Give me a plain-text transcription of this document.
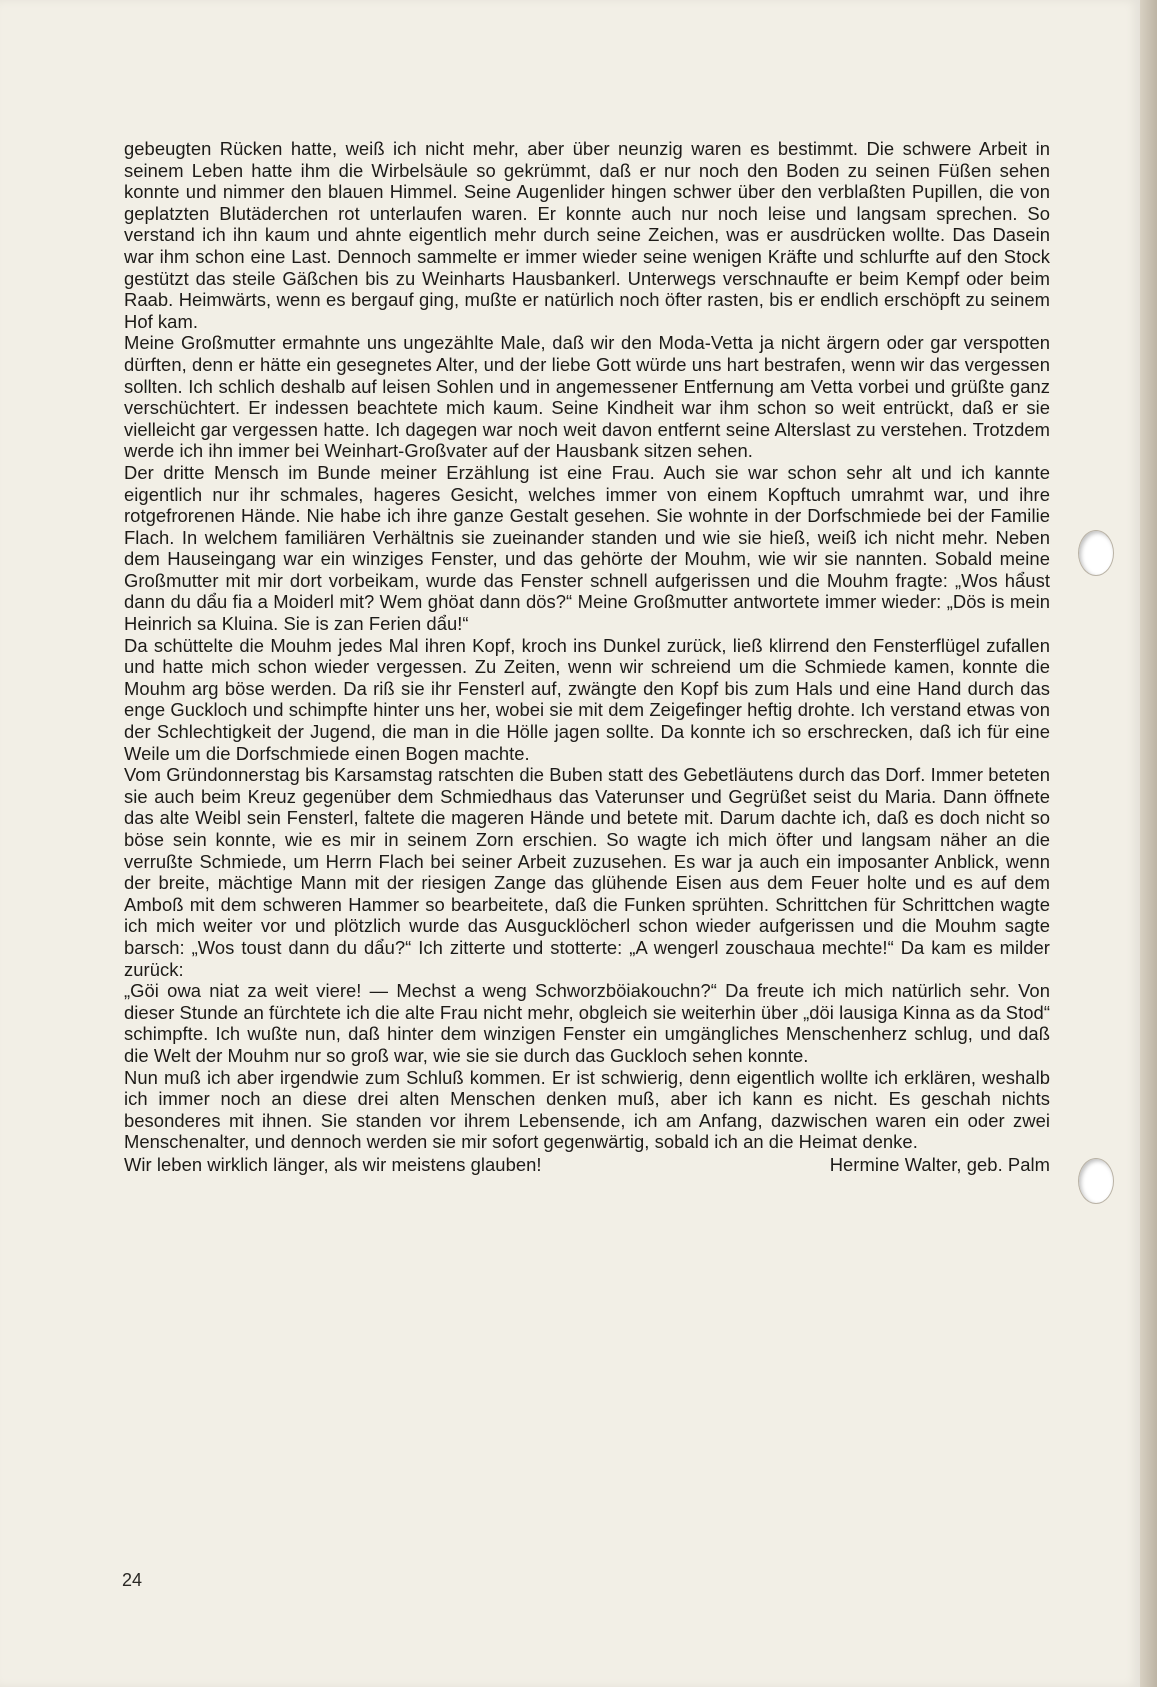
gebeugten Rücken hatte, weiß ich nicht mehr, aber über neunzig waren es bestimmt. Die schwere Arbeit in seinem Leben hatte ihm die Wirbelsäule so gekrümmt, daß er nur noch den Boden zu seinen Füßen sehen konnte und nimmer den blauen Himmel. Seine Augenlider hingen schwer über den verblaßten Pupillen, die von geplatzten Blutäderchen rot unterlaufen waren. Er konnte auch nur noch leise und langsam sprechen. So verstand ich ihn kaum und ahnte eigentlich mehr durch seine Zeichen, was er ausdrücken wollte. Das Dasein war ihm schon eine Last. Dennoch sammelte er immer wieder seine wenigen Kräfte und schlurfte auf den Stock gestützt das steile Gäßchen bis zu Weinharts Hausbankerl. Unterwegs verschnaufte er beim Kempf oder beim Raab. Heimwärts, wenn es bergauf ging, mußte er natürlich noch öfter rasten, bis er endlich erschöpft zu seinem Hof kam.

Meine Großmutter ermahnte uns ungezählte Male, daß wir den Moda-Vetta ja nicht ärgern oder gar verspotten dürften, denn er hätte ein gesegnetes Alter, und der liebe Gott würde uns hart bestrafen, wenn wir das vergessen sollten. Ich schlich deshalb auf leisen Sohlen und in angemessener Entfernung am Vetta vorbei und grüßte ganz verschüchtert. Er indessen beachtete mich kaum. Seine Kindheit war ihm schon so weit entrückt, daß er sie vielleicht gar vergessen hatte. Ich dagegen war noch weit davon entfernt seine Alterslast zu verstehen. Trotzdem werde ich ihn immer bei Weinhart-Großvater auf der Hausbank sitzen sehen.

Der dritte Mensch im Bunde meiner Erzählung ist eine Frau. Auch sie war schon sehr alt und ich kannte eigentlich nur ihr schmales, hageres Gesicht, welches immer von einem Kopftuch umrahmt war, und ihre rotgefrorenen Hände. Nie habe ich ihre ganze Gestalt gesehen. Sie wohnte in der Dorfschmiede bei der Familie Flach. In welchem familiären Verhältnis sie zueinander standen und wie sie hieß, weiß ich nicht mehr. Neben dem Hauseingang war ein winziges Fenster, und das gehörte der Mouhm, wie wir sie nannten. Sobald meine Großmutter mit mir dort vorbeikam, wurde das Fenster schnell aufgerissen und die Mouhm fragte: „Wos hẩust dann du dẩu fia a Moiderl mit? Wem ghöat dann dös?“ Meine Großmutter antwortete immer wieder: „Dös is mein Heinrich sa Kluina. Sie is zan Ferien dẩu!“

Da schüttelte die Mouhm jedes Mal ihren Kopf, kroch ins Dunkel zurück, ließ klirrend den Fensterflügel zufallen und hatte mich schon wieder vergessen. Zu Zeiten, wenn wir schreiend um die Schmiede kamen, konnte die Mouhm arg böse werden. Da riß sie ihr Fensterl auf, zwängte den Kopf bis zum Hals und eine Hand durch das enge Guckloch und schimpfte hinter uns her, wobei sie mit dem Zeigefinger heftig drohte. Ich verstand etwas von der Schlechtigkeit der Jugend, die man in die Hölle jagen sollte. Da konnte ich so erschrecken, daß ich für eine Weile um die Dorfschmiede einen Bogen machte.

Vom Gründonnerstag bis Karsamstag ratschten die Buben statt des Gebetläutens durch das Dorf. Immer beteten sie auch beim Kreuz gegenüber dem Schmiedhaus das Vaterunser und Gegrüßet seist du Maria. Dann öffnete das alte Weibl sein Fensterl, faltete die mageren Hände und betete mit. Darum dachte ich, daß es doch nicht so böse sein konnte, wie es mir in seinem Zorn erschien. So wagte ich mich öfter und langsam näher an die verrußte Schmiede, um Herrn Flach bei seiner Arbeit zuzusehen. Es war ja auch ein imposanter Anblick, wenn der breite, mächtige Mann mit der riesigen Zange das glühende Eisen aus dem Feuer holte und es auf dem Amboß mit dem schweren Hammer so bearbeitete, daß die Funken sprühten. Schrittchen für Schrittchen wagte ich mich weiter vor und plötzlich wurde das Ausgucklöcherl schon wieder aufgerissen und die Mouhm sagte barsch: „Wos toust dann du dẩu?“ Ich zitterte und stotterte: „A wengerl zouschaua mechte!“ Da kam es milder zurück:

„Göi owa niat za weit viere! — Mechst a weng Schworzböiakouchn?“ Da freute ich mich natürlich sehr. Von dieser Stunde an fürchtete ich die alte Frau nicht mehr, obgleich sie weiterhin über „döi lausiga Kinna as da Stod“ schimpfte. Ich wußte nun, daß hinter dem winzigen Fenster ein umgängliches Menschenherz schlug, und daß die Welt der Mouhm nur so groß war, wie sie sie durch das Guckloch sehen konnte.

Nun muß ich aber irgendwie zum Schluß kommen. Er ist schwierig, denn eigentlich wollte ich erklären, weshalb ich immer noch an diese drei alten Menschen denken muß, aber ich kann es nicht. Es geschah nichts besonderes mit ihnen. Sie standen vor ihrem Lebensende, ich am Anfang, dazwischen waren ein oder zwei Menschenalter, und dennoch werden sie mir sofort gegenwärtig, sobald ich an die Heimat denke.

Wir leben wirklich länger, als wir meistens glauben!	Hermine Walter, geb. Palm
24
